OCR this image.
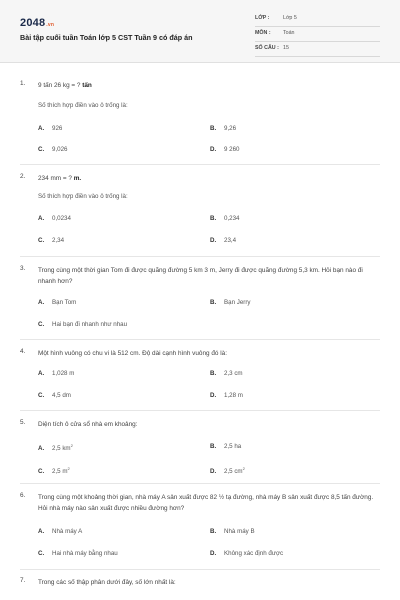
2048.vn
Bài tập cuối tuần Toán lớp 5 CST Tuần 9 có đáp án
LỚP :	Lớp 5
MÔN : Toán
SỐ CÂU : 15
1. 9 tấn 26 kg = ? tấn
Số thích hợp điền vào ô trống là:
A. 926	B. 9,26
C. 9,026	D. 9 260
2. 234 mm = ? m.
Số thích hợp điền vào ô trống là:
A. 0,0234	B. 0,234
C. 2,34	D. 23,4
3. Trong cùng một thời gian Tom đi được quãng đường 5 km 3 m, Jerry đi được quãng đường 5,3 km. Hỏi bạn nào đi nhanh hơn?
A. Bạn Tom	B. Bạn Jerry
C. Hai bạn đi nhanh như nhau
4. Một hình vuông có chu vi là 512 cm. Độ dài cạnh hình vuông đó là:
A. 1,028 m	B. 2,3 cm
C. 4,5 dm	D. 1,28 m
5. Diện tích ô cửa sổ nhà em khoảng:
A. 2,5 $km^2$	B. 2,5 ha
C. 2,5 $m^2$	D. 2,5 $cm^2$
6. Trong cùng một khoảng thời gian, nhà máy A sản xuất được 82 ½ tạ đường, nhà máy B sản xuất được 8,5 tấn đường. Hỏi nhà máy nào sản xuất được nhiều đường hơn?
A. Nhà máy A	B. Nhà máy B
C. Hai nhà máy bằng nhau	D. Không xác định được
7. Trong các số thập phân dưới đây, số lớn nhất là:
